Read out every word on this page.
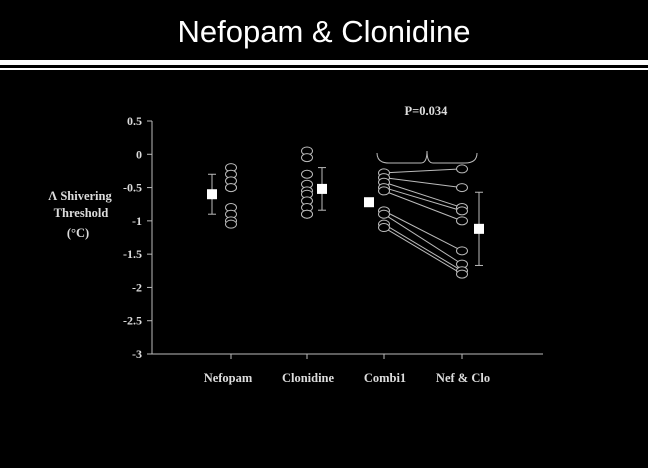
Nefopam & Clonidine
0.5
0
-0.5
-1
-1.5
-2
-2.5
-3
P=0.034
Nefopam Clonidine Combi1 Nef & Clo
Λ Shivering
Threshold
(°C)
